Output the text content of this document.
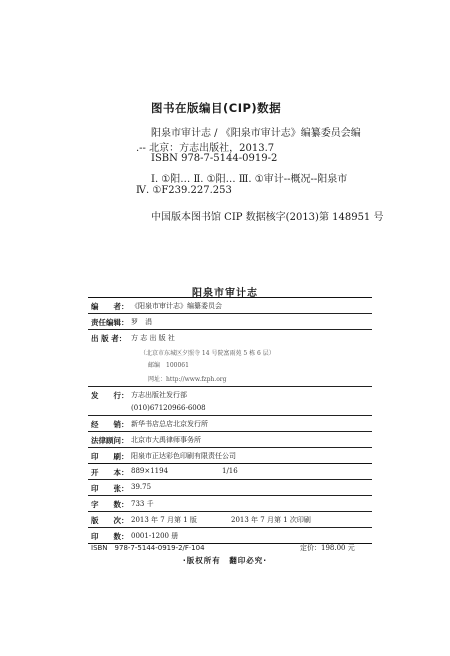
图书在版编目(CIP)数据
阳泉市审计志 / 《阳泉市审计志》编纂委员会编
.-- 北京：方志出版社，2013.7
ISBN 978-7-5144-0919-2
Ⅰ. ①阳… Ⅱ. ①阳… Ⅲ. ①审计--概况--阳泉市
Ⅳ. ①F239.227.253
中国版本图书馆 CIP 数据核字(2013)第 148951 号
阳泉市审计志
编　　者： 《阳泉市审计志》编纂委员会
责任编辑： 罗　涓
出 版 者： 方 志 出 版 社
（北京市东城区夕照寺 14 号院富雨苑 5 栋 6 层）
邮编　100061
网址：http://www.fzph.org
发　　行： 方志出版社发行部
(010)67120966-6008
经　　销： 新华书店总店北京发行所
法律顾问： 北京市大禹律师事务所
印　　刷： 阳泉市正达彩色印刷有限责任公司
开　　本： 889×1194	1/16
印　　张： 39.75
字　　数： 733 千
版　　次： 2013 年 7 月第 1 版	2013 年 7 月第 1 次印刷
印　　数： 0001-1200 册
ISBN　978-7-5144-0919-2/F·104	定价：198.00 元
·版权所有　翻印必究·
